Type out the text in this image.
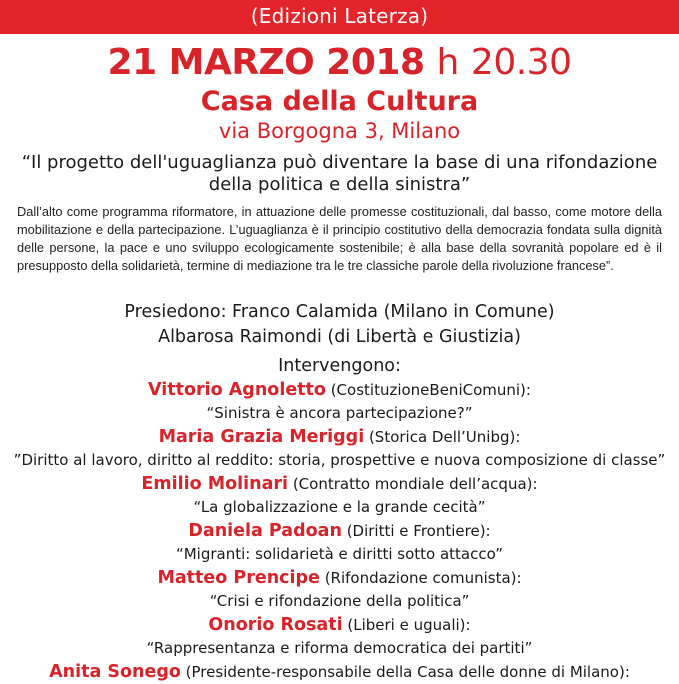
(Edizioni Laterza)
21 MARZO 2018 h 20.30
Casa della Cultura
via Borgogna 3, Milano
“Il progetto dell'uguaglianza può diventare la base di una rifondazione della politica e della sinistra”
Dall’alto come programma riformatore, in attuazione delle promesse costituzionali, dal basso, come motore della mobilitazione e della partecipazione. L’uguaglianza è il principio costitutivo della democrazia fondata sulla dignità delle persone, la pace e uno sviluppo ecologicamente sostenibile; è alla base della sovranità popolare ed è il presupposto della solidarietà, termine di mediazione tra le tre classiche parole della rivoluzione francese”.
Presiedono: Franco Calamida (Milano in Comune)
Albarosa Raimondi (di Libertà e Giustizia)
Intervengono:
Vittorio Agnoletto (CostituzioneBeniComuni):
“Sinistra è ancora partecipazione?”
Maria Grazia Meriggi (Storica Dell’Unibg):
”Diritto al lavoro, diritto al reddito: storia, prospettive e nuova composizione di classe”
Emilio Molinari (Contratto mondiale dell’acqua):
“La globalizzazione e la grande cecità”
Daniela Padoan (Diritti e Frontiere):
“Migranti: solidarietà e diritti sotto attacco”
Matteo Prencipe (Rifondazione comunista):
“Crisi e rifondazione della politica”
Onorio Rosati (Liberi e uguali):
“Rappresentanza e riforma democratica dei partiti”
Anita Sonego (Presidente-responsabile della Casa delle donne di Milano):
